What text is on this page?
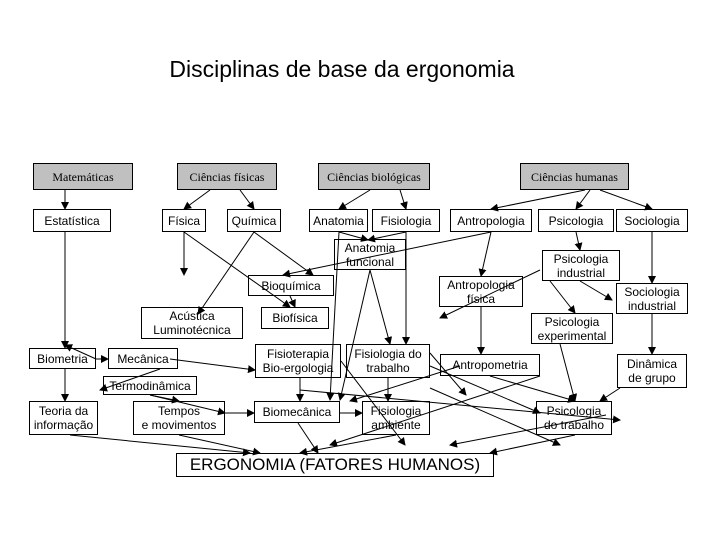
Disciplinas de base da ergonomia
Matemáticas	Ciências físicas	Ciências biológicas	Ciências humanas
Estatística	Física	Química	Anatomia Fisiologia Antropologia Psicologia Sociologia
Anatomia
funcional	Psicologia
industrial
Bioquímica	Antropologia
física	Sociologia
industrial
Acústica
Luminotécnica
Biofísica	Psicologia
experimental
Biometria Mecânica	Fisioterapia
Bio-ergologia
Fisiologia do
trabalho	Antropometria	Dinâmica
de grupo
Termodinâmica
Teoria da
informação
Tempos
e movimentos
Biomecânica	Fisiologia
ambiente
Psicologia
do trabalho
ERGONOMIA (FATORES HUMANOS)
